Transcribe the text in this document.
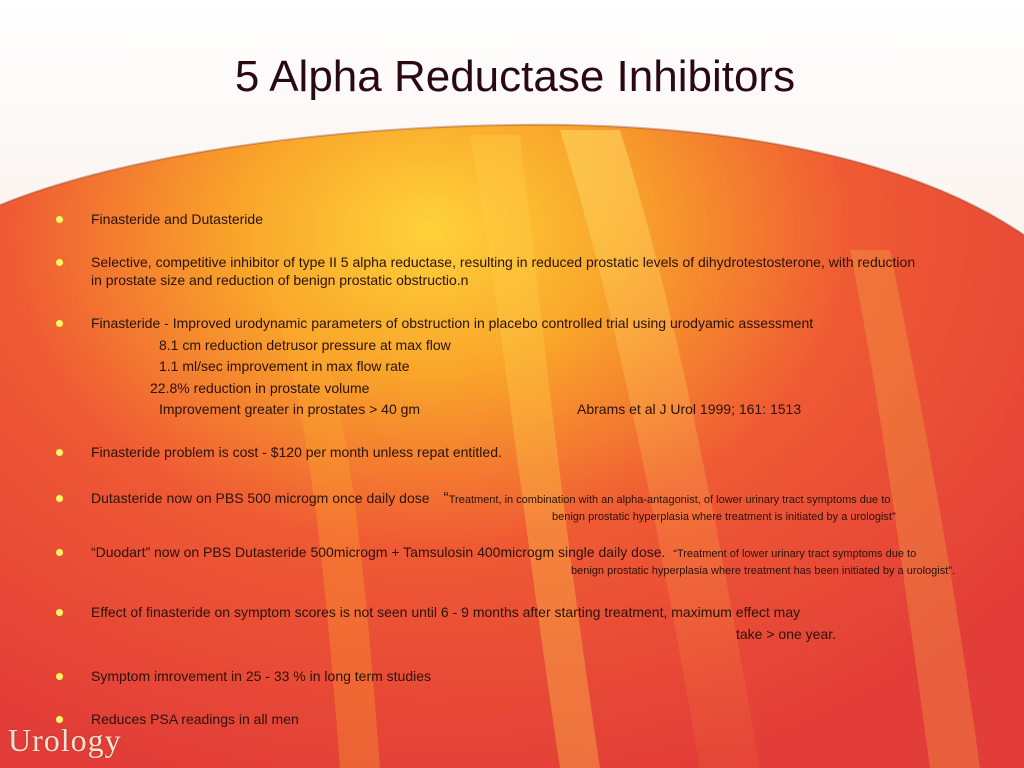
5 Alpha Reductase Inhibitors
Finasteride and Dutasteride
Selective, competitive inhibitor of type II 5 alpha reductase, resulting in reduced prostatic levels of dihydrotestosterone, with reduction
in prostate size and reduction of benign prostatic obstructio.n
Finasteride - Improved urodynamic parameters of obstruction in placebo controlled trial using urodyamic assessment
8.1 cm reduction detrusor pressure at max flow
1.1 ml/sec improvement in max flow rate
22.8% reduction in prostate volume
Improvement greater in prostates > 40 gm	Abrams et al J Urol 1999; 161: 1513
Finasteride problem is cost - $120 per month unless repat entitled.
Dutasteride now on PBS 500 microgm once daily dose “Treatment, in combination with an alpha-antagonist, of lower urinary tract symptoms due to
benign prostatic hyperplasia where treatment is initiated by a urologist”
“Duodart” now on PBS Dutasteride 500microgm + Tamsulosin 400microgm single daily dose. “Treatment of lower urinary tract symptoms due to
benign prostatic hyperplasia where treatment has been initiated by a urologist”.
Effect of finasteride on symptom scores is not seen until 6 - 9 months after starting treatment, maximum effect may
take > one year.
Symptom imrovement in 25 - 33 % in long term studies
Reduces PSA readings in all men
Urology
